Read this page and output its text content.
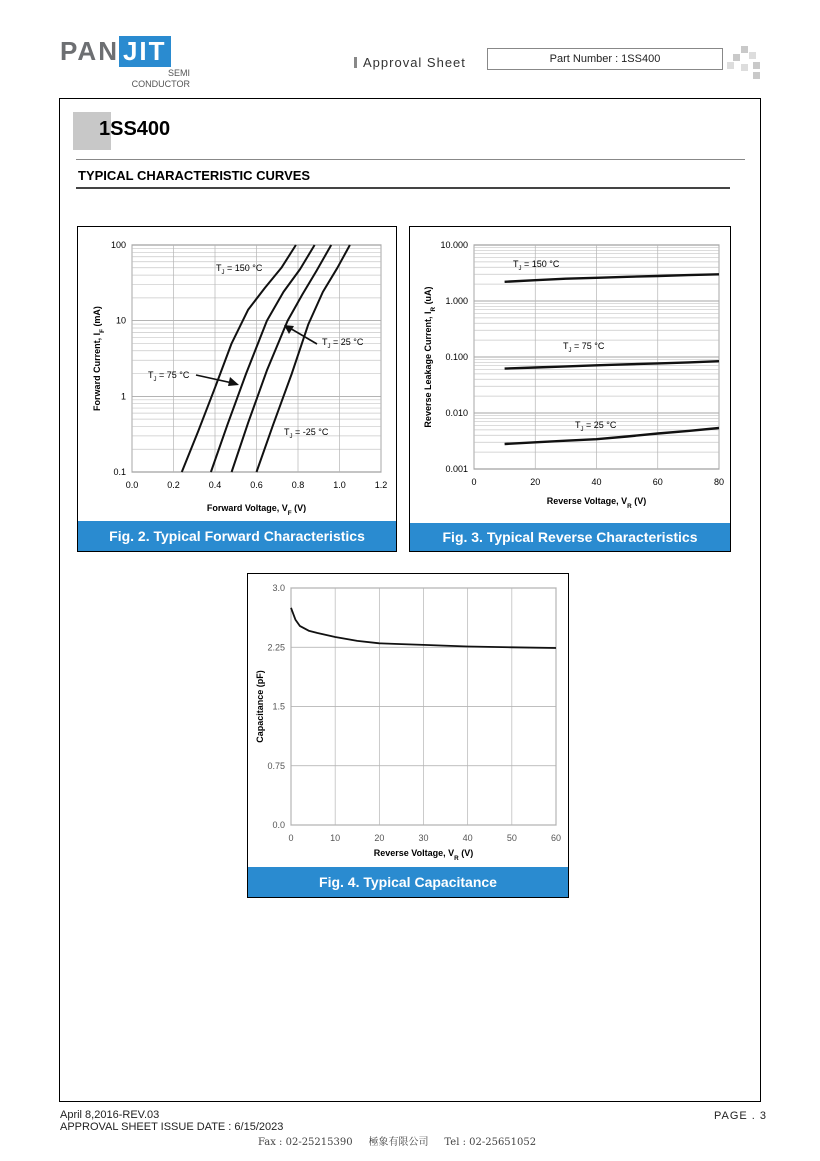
PAN JIT
SEMI
CONDUCTOR
Approval Sheet	Part Number : 1SS400
1SS400
TYPICAL CHARACTERISTIC CURVES
0.0	0.2	0.4	0.6	0.8	1.0	1.2
0.1
1
10
100
Forward Voltage, $V_F$ (V)
Forward Current, $I_F$ (mA)
$T_J = 150$ °C
$T_J = 75$ °C
$T_J = 25$ °C
$T_J = -25$ °C
Fig. 2. Typical Forward Characteristics
0	20	40	60	80
0.001
0.010
0.100
1.000
10.000
Reverse Voltage, $V_R$ (V)
Reverse Leakage Current, $I_R$ (uA)
$T_J = 150$ °C
$T_J = 75$ °C
$T_J = 25$ °C
Fig. 3. Typical Reverse Characteristics
0	10	20	30	40	50	60
0.0
0.75
1.5
2.25
3.0
Reverse Voltage, $V_R$ (V)
Capacitance (pF)
Fig. 4. Typical Capacitance
April 8,2016-REV.03
APPROVAL SHEET ISSUE DATE : 6/15/2023
PAGE . 3
Fax : 02-25215390     極象有限公司     Tel : 02-25651052
